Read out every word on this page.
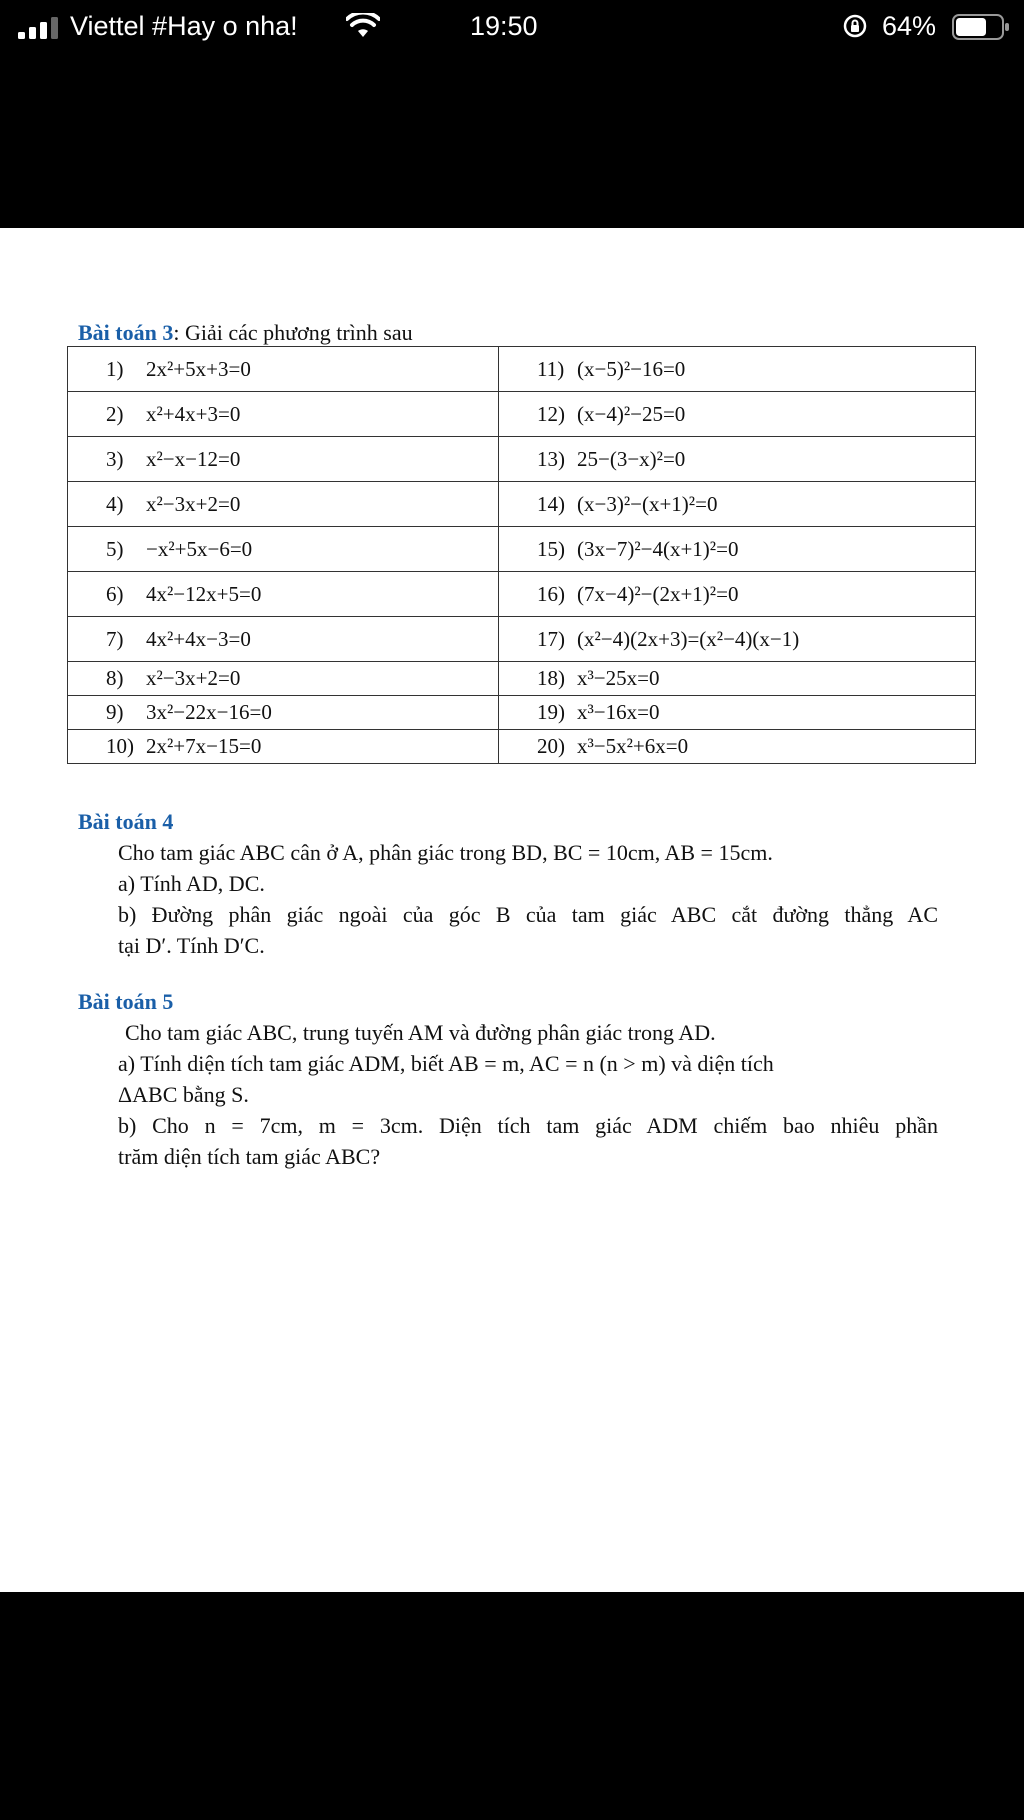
Viettel #Hay o nha!	19:50	64%
Bài toán 3: Giải các phương trình sau
1) 2x²+5x+3=0	11) (x−5)²−16=0

2) x²+4x+3=0	12) (x−4)²−25=0

3) x²−x−12=0	13) 25−(3−x)²=0

4) x²−3x+2=0	14) (x−3)²−(x+1)²=0

5) −x²+5x−6=0	15) (3x−7)²−4(x+1)²=0

6) 4x²−12x+5=0	16) (7x−4)²−(2x+1)²=0

7) 4x²+4x−3=0	17) (x²−4)(2x+3)=(x²−4)(x−1)

8) x²−3x+2=0	18) x³−25x=0

9) 3x²−22x−16=0	19) x³−16x=0

10) 2x²+7x−15=0	20) x³−5x²+6x=0
Bài toán 4
Cho tam giác ABC cân ở A, phân giác trong BD, BC = 10cm, AB = 15cm.
a) Tính AD, DC.
b) Đường phân giác ngoài của góc B của tam giác ABC cắt đường thẳng AC
tại D′. Tính D′C.
Bài toán 5
Cho tam giác ABC, trung tuyến AM và đường phân giác trong AD.
a) Tính diện tích tam giác ADM, biết AB = m, AC = n (n > m) và diện tích
ΔABC bằng S.
b) Cho n = 7cm, m = 3cm. Diện tích tam giác ADM chiếm bao nhiêu phần
trăm diện tích tam giác ABC?
